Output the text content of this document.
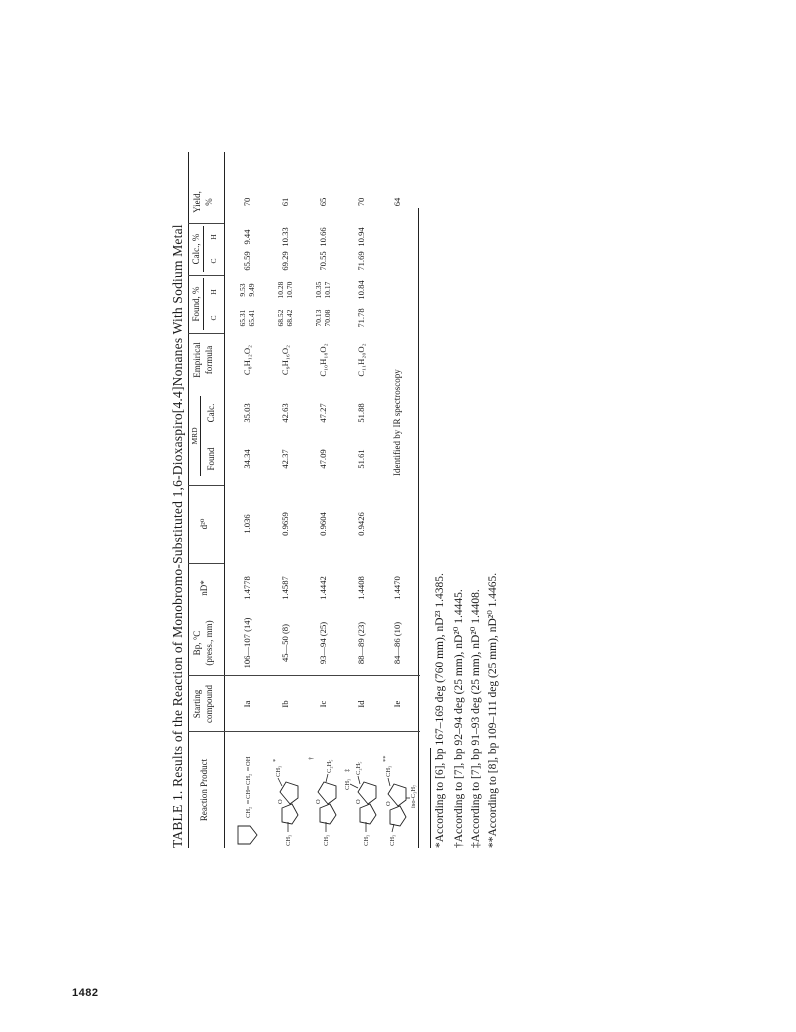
TABLE 1. Results of the Reaction of Monobromo-Substituted 1,6-Dioxaspiro[4.4]Nonanes With Sodium Metal Reaction Product
Starting compound
Bp, °C (press., mm)
nD*
d²⁰
MRD
Found
Calc.
Empirical formula
Found, % C
H
Calc., % C
H
Yield, %
CH₂
CH
CH₂
OH
Ia
106—107 (14)
1.4778
1.036
34.34
35.03
C₈H₁₂O₂
65.31 65.41
9.53 9.49
65.59
9.44
70
CH₃
O
CH₃
*
Ib
45—50 (8)
1.4587
0.9659
42.37
42.63
C₉H₁₆O₂
68.52 68.42
10.28 10.70
69.29
10.33
61
CH₃
O
C₂H₅
†
Ic
93—94 (25)
1.4442
0.9604
47.09
47.27
C₁₀H₁₈O₂
70.13 70.08
10.35 10.17
70.55
10.66
65
CH₃
O
CH₃
C₂H₅
‡
Id
88—89 (23)
1.4408
0.9426
51.61
51.88
C₁₁H₂₀O₂
71.78
10.84
71.69
10.94
70
CH₃
O
CH₃
**
iso-C₃H₇
Ie
84—86 (10)
1.4470
Identified by IR spectroscopy
64
*According to [6], bp 167–169 deg (760 mm), nD²³ 1.4385. †According to [7], bp 92–94 deg (25 mm), nD²⁰ 1.4445. ‡According to [7], bp 91–93 deg (25 mm), nD²⁰ 1.4408. **According to [8], bp 109–111 deg (25 mm), nD²⁰ 1.4465.
1482
